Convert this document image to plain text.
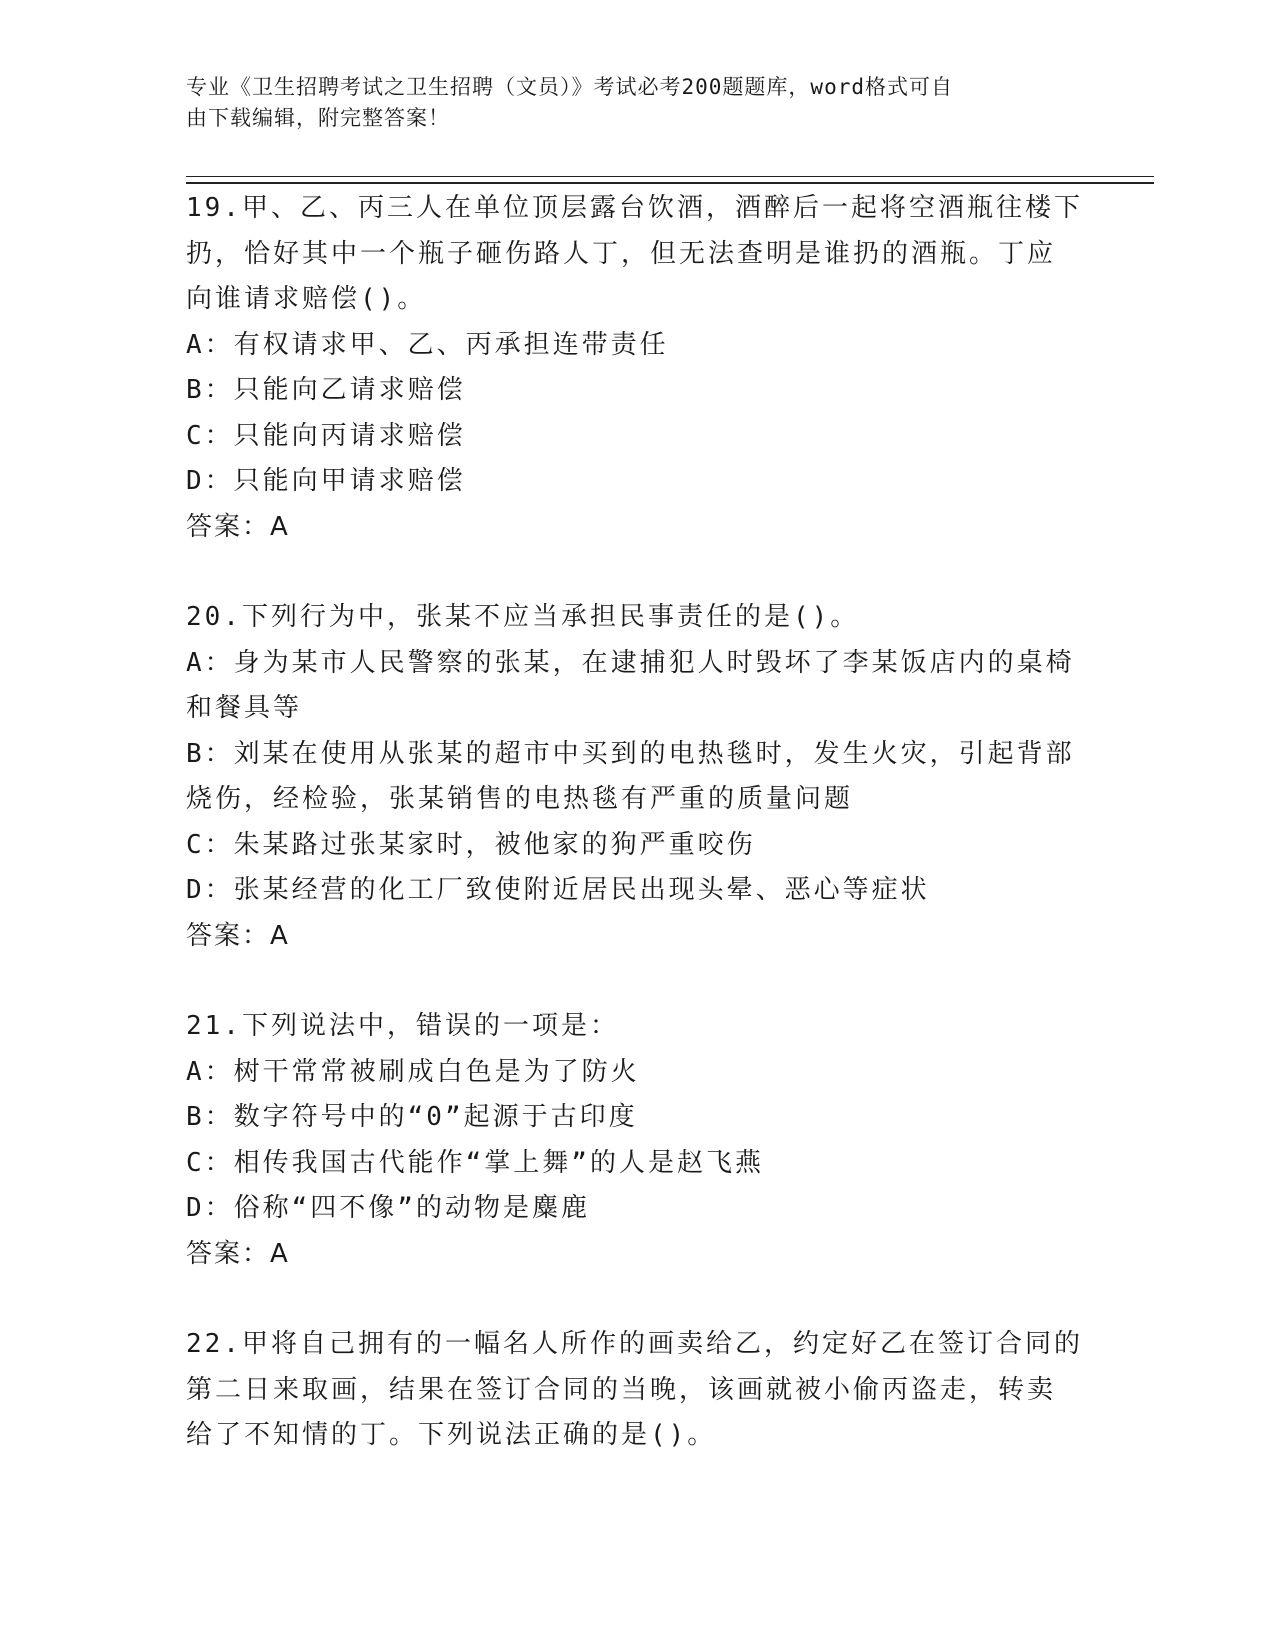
专业《卫生招聘考试之卫生招聘（文员）》考试必考200题题库，word格式可自
由下载编辑，附完整答案！
19.甲、乙、丙三人在单位顶层露台饮酒，酒醉后一起将空酒瓶往楼下
扔，恰好其中一个瓶子砸伤路人丁，但无法查明是谁扔的酒瓶。丁应
向谁请求赔偿()。
A：有权请求甲、乙、丙承担连带责任
B：只能向乙请求赔偿
C：只能向丙请求赔偿
D：只能向甲请求赔偿
答案：A
20.下列行为中，张某不应当承担民事责任的是()。
A：身为某市人民警察的张某，在逮捕犯人时毁坏了李某饭店内的桌椅
和餐具等
B：刘某在使用从张某的超市中买到的电热毯时，发生火灾，引起背部
烧伤，经检验，张某销售的电热毯有严重的质量问题
C：朱某路过张某家时，被他家的狗严重咬伤
D：张某经营的化工厂致使附近居民出现头晕、恶心等症状
答案：A
21.下列说法中，错误的一项是：
A：树干常常被刷成白色是为了防火
B：数字符号中的“0”起源于古印度
C：相传我国古代能作“掌上舞”的人是赵飞燕
D：俗称“四不像”的动物是麋鹿
答案：A
22.甲将自己拥有的一幅名人所作的画卖给乙，约定好乙在签订合同的
第二日来取画，结果在签订合同的当晚，该画就被小偷丙盗走，转卖
给了不知情的丁。下列说法正确的是()。
